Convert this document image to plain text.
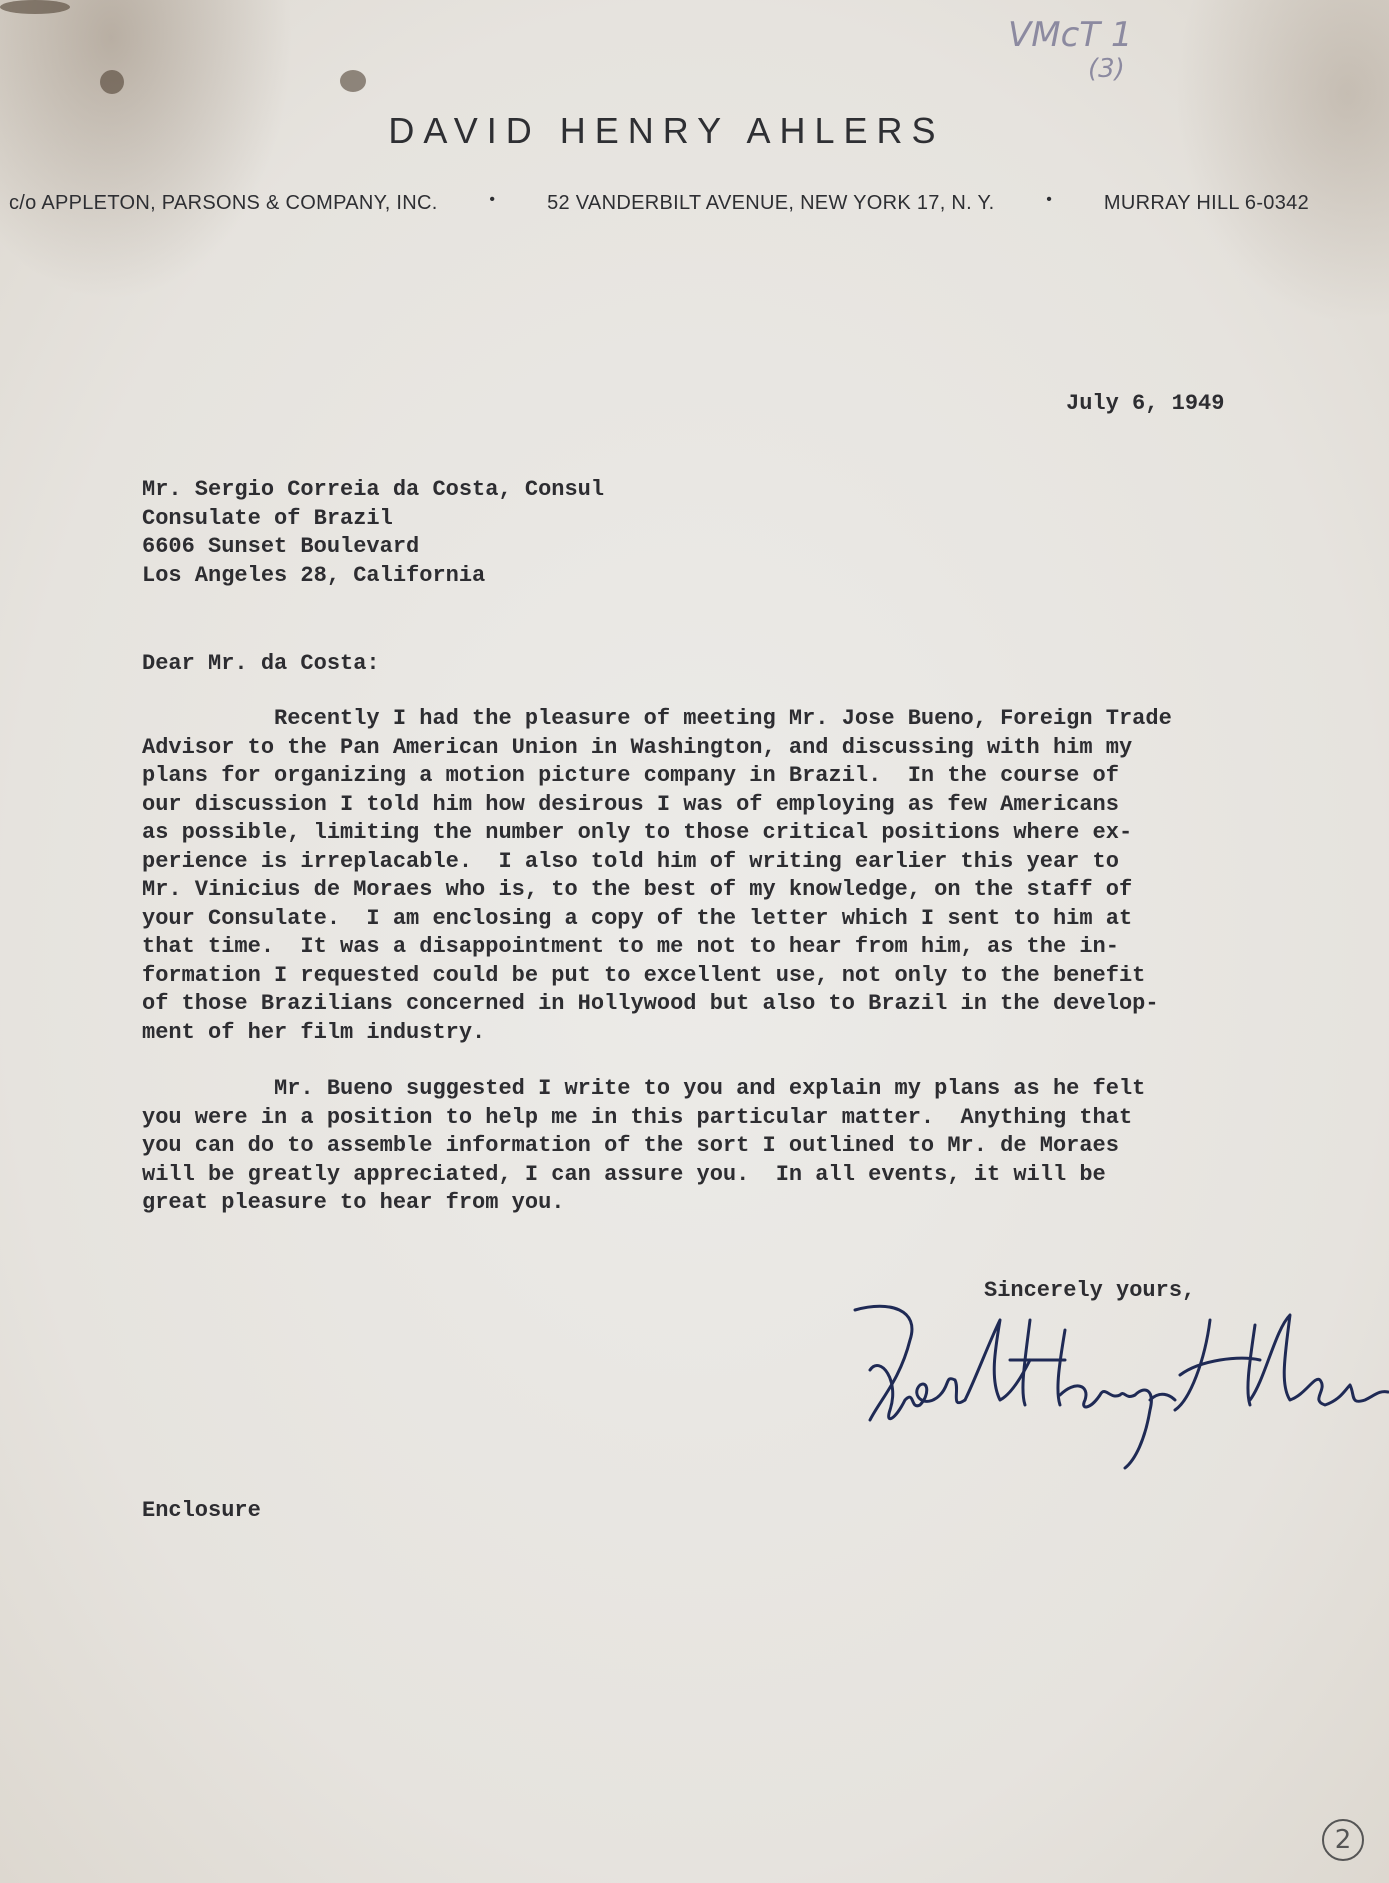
VMcT 1
(3)
DAVID HENRY AHLERS
c/o APPLETON, PARSONS & COMPANY, INC.	•	52 VANDERBILT AVENUE, NEW YORK 17, N. Y.	•	MURRAY HILL 6-0342
July 6, 1949
Mr. Sergio Correia da Costa, Consul
Consulate of Brazil
6606 Sunset Boulevard
Los Angeles 28, California
Dear Mr. da Costa:
Recently I had the pleasure of meeting Mr. Jose Bueno, Foreign Trade
Advisor to the Pan American Union in Washington, and discussing with him my
plans for organizing a motion picture company in Brazil.  In the course of
our discussion I told him how desirous I was of employing as few Americans
as possible, limiting the number only to those critical positions where ex-
perience is irreplacable.  I also told him of writing earlier this year to
Mr. Vinicius de Moraes who is, to the best of my knowledge, on the staff of
your Consulate.  I am enclosing a copy of the letter which I sent to him at
that time.  It was a disappointment to me not to hear from him, as the in-
formation I requested could be put to excellent use, not only to the benefit
of those Brazilians concerned in Hollywood but also to Brazil in the develop-
ment of her film industry.
Mr. Bueno suggested I write to you and explain my plans as he felt
you were in a position to help me in this particular matter.  Anything that
you can do to assemble information of the sort I outlined to Mr. de Moraes
will be greatly appreciated, I can assure you.  In all events, it will be
great pleasure to hear from you.
Sincerely yours,
Enclosure
2
